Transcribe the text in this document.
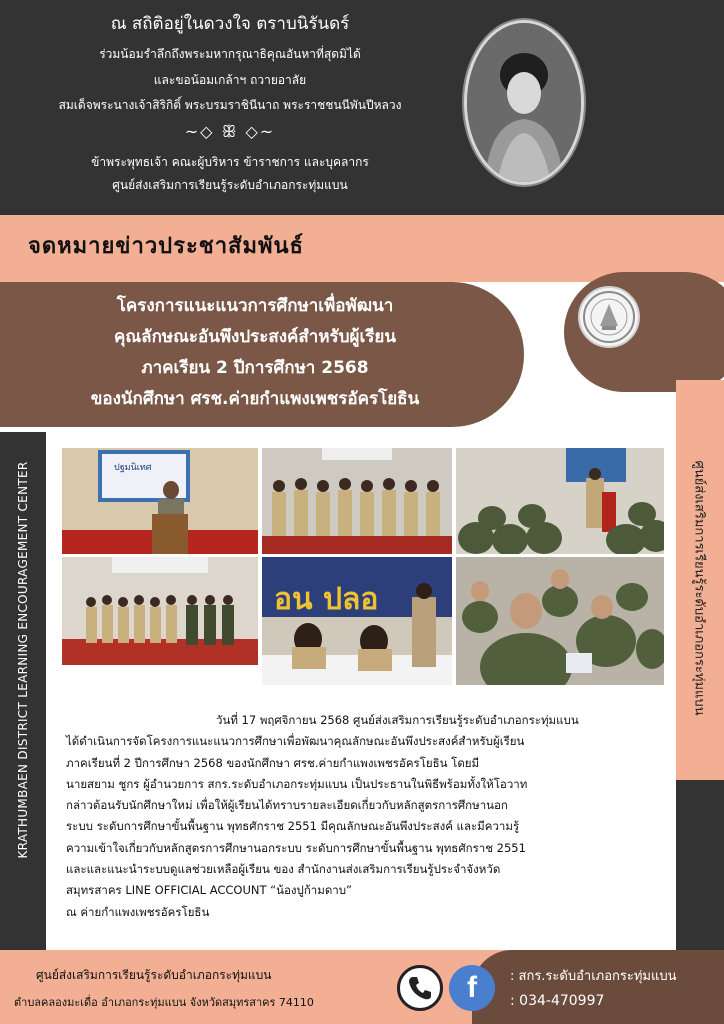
ณ สถิติอยู่ในดวงใจ ตราบนิรันดร์
ร่วมน้อมรำลึกถึงพระมหากรุณาธิคุณอันหาที่สุดมิได้
และขอน้อมเกล้าฯ ถวายอาลัย
สมเด็จพระนางเจ้าสิริกิติ์ พระบรมราชินีนาถ พระราชชนนีพันปีหลวง
~◇ ꕥ ◇~
ข้าพระพุทธเจ้า คณะผู้บริหาร ข้าราชการ และบุคลากร
ศูนย์ส่งเสริมการเรียนรู้ระดับอำเภอกระทุ่มแบน
จดหมายข่าวประชาสัมพันธ์
โครงการแนะแนวการศึกษาเพื่อพัฒนา
คุณลักษณะอันพึงประสงค์สำหรับผู้เรียน
ภาคเรียน 2 ปีการศึกษา 2568
ของนักศึกษา ศรช.ค่ายกำแพงเพชรอัครโยธิน
KRATHUMBAEN DISTRICT LEARNING ENCOURAGEMENT CENTER	ศูนย์ส่งเสริมการเรียนรู้ระดับอำเภอกระทุ่มแบน
ปฐมนิเทศ
อน ปลอ

วันที่ 17 พฤศจิกายน 2568 ศูนย์ส่งเสริมการเรียนรู้ระดับอำเภอกระทุ่มแบน

ได้ดำเนินการจัดโครงการแนะแนวการศึกษาเพื่อพัฒนาคุณลักษณะอันพึงประสงค์สำหรับผู้เรียน

ภาคเรียนที่ 2 ปีการศึกษา 2568 ของนักศึกษา ศรช.ค่ายกำแพงเพชรอัครโยธิน โดยมี

นายสยาม ชูกร ผู้อำนวยการ สกร.ระดับอำเภอกระทุ่มแบน เป็นประธานในพิธีพร้อมทั้งให้โอวาท

กล่าวต้อนรับนักศึกษาใหม่ เพื่อให้ผู้เรียนได้ทราบรายละเอียดเกี่ยวกับหลักสูตรการศึกษานอก

ระบบ ระดับการศึกษาขั้นพื้นฐาน พุทธศักราช 2551 มีคุณลักษณะอันพึงประสงค์ และมีความรู้

ความเข้าใจเกี่ยวกับหลักสูตรการศึกษานอกระบบ ระดับการศึกษาขั้นพื้นฐาน พุทธศักราช 2551

และและแนะนำระบบดูแลช่วยเหลือผู้เรียน ของ สำนักงานส่งเสริมการเรียนรู้ประจำจังหวัด

สมุทรสาคร LINE OFFICIAL ACCOUNT “น้องปูก้ามดาบ”

ณ ค่ายกำแพงเพชรอัครโยธิน

ศูนย์ส่งเสริมการเรียนรู้ระดับอำเภอกระทุ่มแบน
ตำบลคลองมะเดื่อ อำเภอกระทุ่มแบน จังหวัดสมุทรสาคร 74110	f	: สกร.ระดับอำเภอกระทุ่มแบน
: 034-470997
